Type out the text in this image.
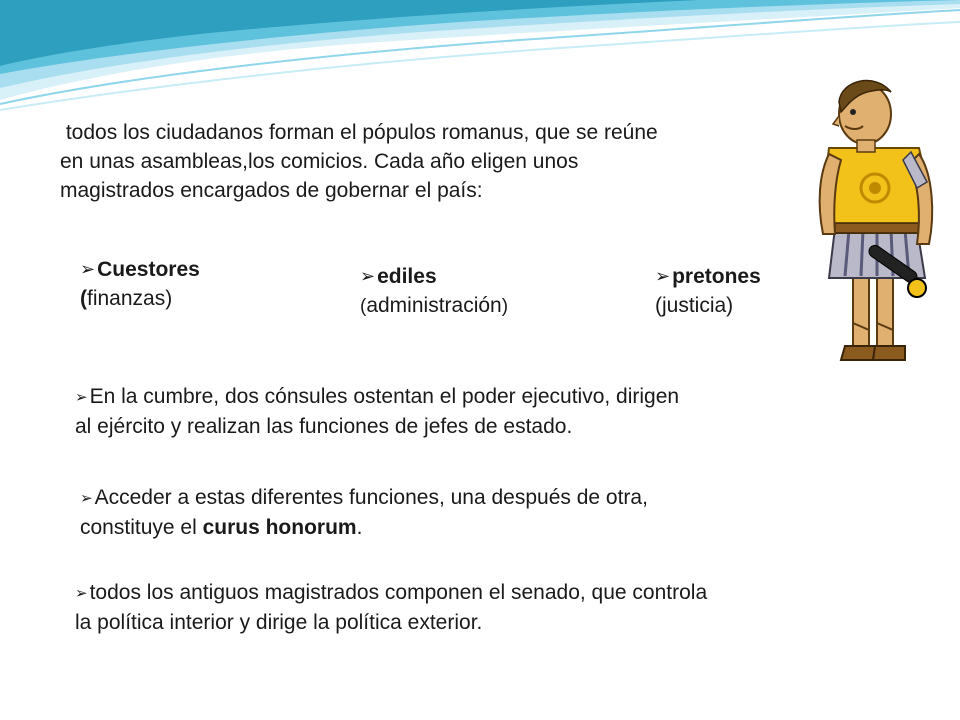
todos los ciudadanos forman el pópulos romanus, que se reúne
en unas asambleas,los comicios. Cada año eligen unos
magistrados encargados de gobernar el país:
➢Cuestores
(finanzas)
➢ediles
(administración)
➢pretones
(justicia)
➢En la cumbre, dos cónsules ostentan el poder ejecutivo, dirigen
al ejército y realizan las funciones de jefes de estado.
➢Acceder a estas diferentes funciones, una después de otra,
constituye el curus honorum.
➢todos los antiguos magistrados componen el senado, que controla
la política interior y dirige la política exterior.
